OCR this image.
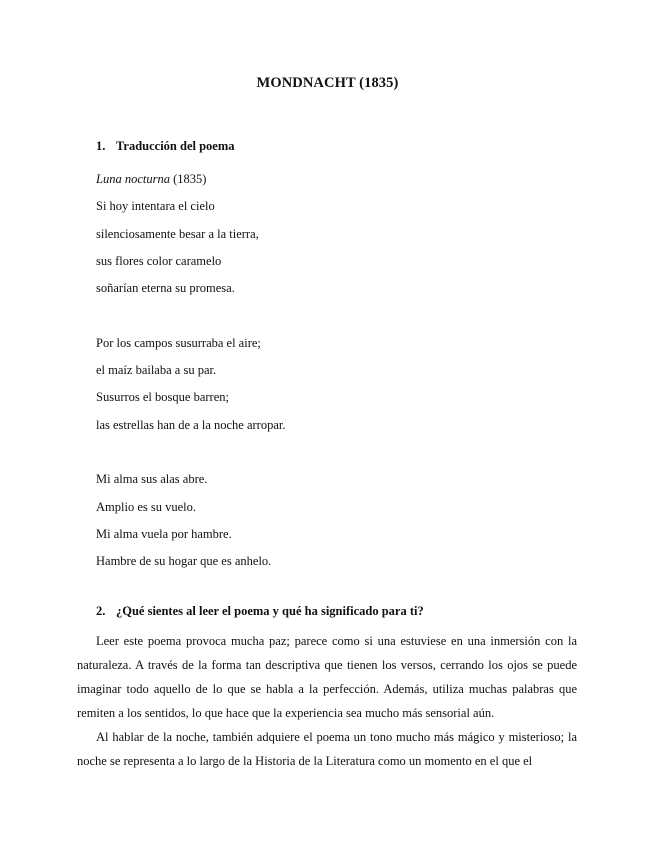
MONDNACHT (1835)
1. Traducción del poema
Luna nocturna (1835)
Si hoy intentara el cielo
silenciosamente besar a la tierra,
sus flores color caramelo
soñarían eterna su promesa.
Por los campos susurraba el aire;
el maíz bailaba a su par.
Susurros el bosque barren;
las estrellas han de a la noche arropar.
Mi alma sus alas abre.
Amplio es su vuelo.
Mi alma vuela por hambre.
Hambre de su hogar que es anhelo.
2. ¿Qué sientes al leer el poema y qué ha significado para ti?

Leer este poema provoca mucha paz; parece como si una estuviese en una inmersión con la naturaleza. A través de la forma tan descriptiva que tienen los versos, cerrando los ojos se puede imaginar todo aquello de lo que se habla a la perfección. Además, utiliza muchas palabras que remiten a los sentidos, lo que hace que la experiencia sea mucho más sensorial aún.

Al hablar de la noche, también adquiere el poema un tono mucho más mágico y misterioso; la noche se representa a lo largo de la Historia de la Literatura como un momento en el que el
